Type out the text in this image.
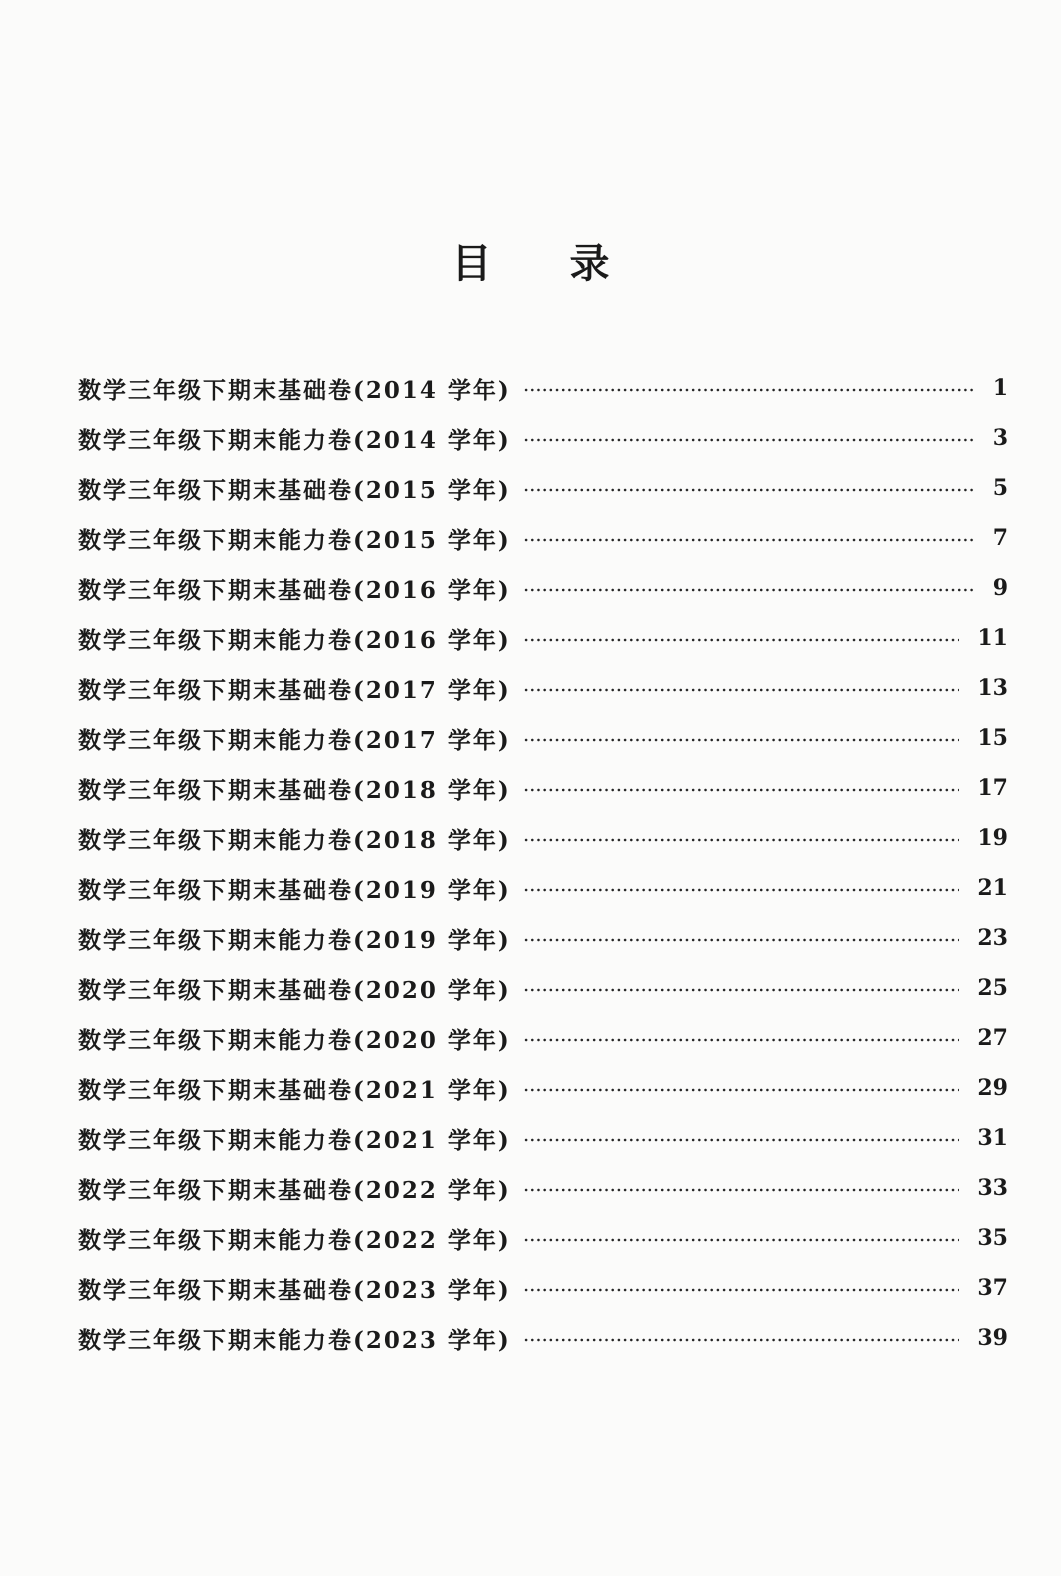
目录
数学三年级下期末基础卷(2014 学年)	1
数学三年级下期末能力卷(2014 学年)	3
数学三年级下期末基础卷(2015 学年)	5
数学三年级下期末能力卷(2015 学年)	7
数学三年级下期末基础卷(2016 学年)	9
数学三年级下期末能力卷(2016 学年)	11
数学三年级下期末基础卷(2017 学年)	13
数学三年级下期末能力卷(2017 学年)	15
数学三年级下期末基础卷(2018 学年)	17
数学三年级下期末能力卷(2018 学年)	19
数学三年级下期末基础卷(2019 学年)	21
数学三年级下期末能力卷(2019 学年)	23
数学三年级下期末基础卷(2020 学年)	25
数学三年级下期末能力卷(2020 学年)	27
数学三年级下期末基础卷(2021 学年)	29
数学三年级下期末能力卷(2021 学年)	31
数学三年级下期末基础卷(2022 学年)	33
数学三年级下期末能力卷(2022 学年)	35
数学三年级下期末基础卷(2023 学年)	37
数学三年级下期末能力卷(2023 学年)	39
